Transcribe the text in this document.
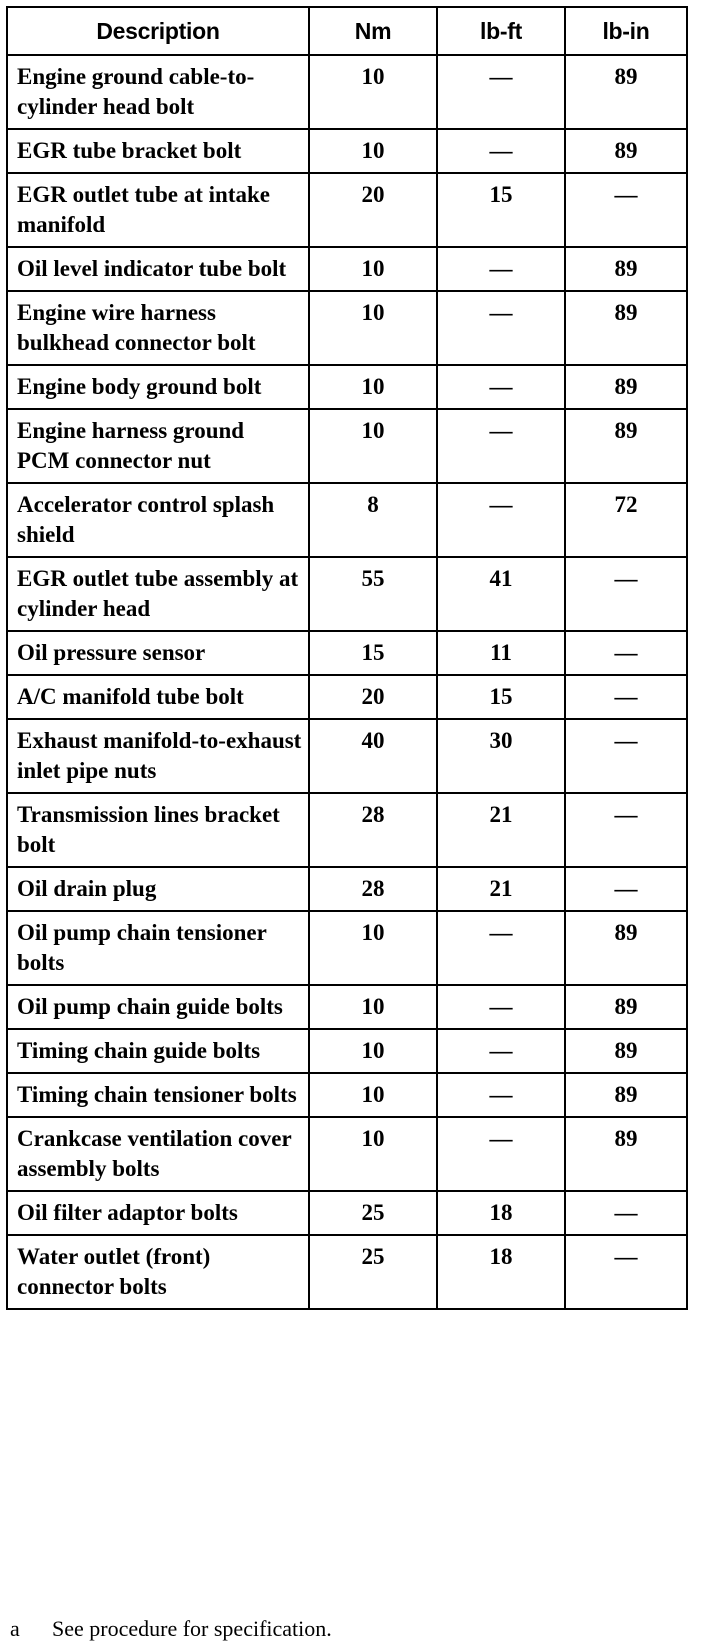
Description	Nm	lb-ft	lb-in
Engine ground cable-to-cylinder head bolt	10	—	89
EGR tube bracket bolt	10	—	89
EGR outlet tube at intake manifold	20	15	—
Oil level indicator tube bolt	10	—	89
Engine wire harness bulkhead connector bolt	10	—	89
Engine body ground bolt	10	—	89
Engine harness ground PCM connector nut	10	—	89
Accelerator control splash shield	8	—	72
EGR outlet tube assembly at cylinder head	55	41	—
Oil pressure sensor	15	11	—
A/C manifold tube bolt	20	15	—
Exhaust manifold-to-exhaust inlet pipe nuts	40	30	—
Transmission lines bracket bolt	28	21	—
Oil drain plug	28	21	—
Oil pump chain tensioner bolts	10	—	89
Oil pump chain guide bolts	10	—	89
Timing chain guide bolts	10	—	89
Timing chain tensioner bolts	10	—	89
Crankcase ventilation cover assembly bolts	10	—	89
Oil filter adaptor bolts	25	18	—
Water outlet (front) connector bolts	25	18	—
a See procedure for specification.
